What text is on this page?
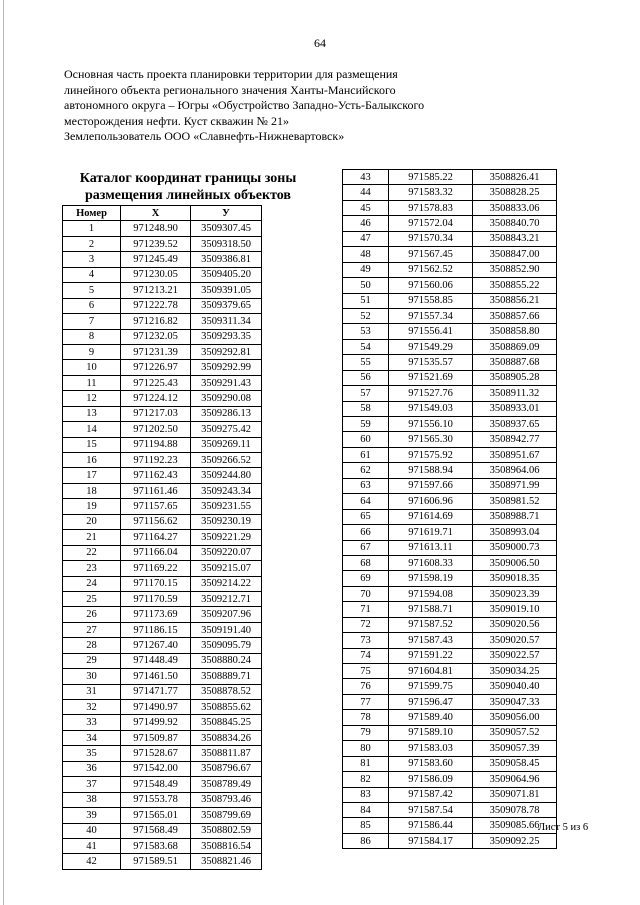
64
Основная часть проекта планировки территории для размещения
линейного объекта регионального значения Ханты-Мансийского
автономного округа – Югры «Обустройство Западно-Усть-Балыкского
месторождения нефти. Куст скважин № 21»
Землепользователь ООО «Славнефть-Нижневартовск»
Каталог координат границы зоны
размещения линейных объектов
Номер	X	У
1	971248.90	3509307.45
2	971239.52	3509318.50
3	971245.49	3509386.81
4	971230.05	3509405.20
5	971213.21	3509391.05
6	971222.78	3509379.65
7	971216.82	3509311.34
8	971232.05	3509293.35
9	971231.39	3509292.81
10	971226.97	3509292.99
11	971225.43	3509291.43
12	971224.12	3509290.08
13	971217.03	3509286.13
14	971202.50	3509275.42
15	971194.88	3509269.11
16	971192.23	3509266.52
17	971162.43	3509244.80
18	971161.46	3509243.34
19	971157.65	3509231.55
20	971156.62	3509230.19
21	971164.27	3509221.29
22	971166.04	3509220.07
23	971169.22	3509215.07
24	971170.15	3509214.22
25	971170.59	3509212.71
26	971173.69	3509207.96
27	971186.15	3509191.40
28	971267.40	3509095.79
29	971448.49	3508880.24
30	971461.50	3508889.71
31	971471.77	3508878.52
32	971490.97	3508855.62
33	971499.92	3508845.25
34	971509.87	3508834.26
35	971528.67	3508811.87
36	971542.00	3508796.67
37	971548.49	3508789.49
38	971553.78	3508793.46
39	971565.01	3508799.69
40	971568.49	3508802.59
41	971583.68	3508816.54
42	971589.51	3508821.46
43	971585.22	3508826.41
44	971583.32	3508828.25
45	971578.83	3508833.06
46	971572.04	3508840.70
47	971570.34	3508843.21
48	971567.45	3508847.00
49	971562.52	3508852.90
50	971560.06	3508855.22
51	971558.85	3508856.21
52	971557.34	3508857.66
53	971556.41	3508858.80
54	971549.29	3508869.09
55	971535.57	3508887.68
56	971521.69	3508905.28
57	971527.76	3508911.32
58	971549.03	3508933.01
59	971556.10	3508937.65
60	971565.30	3508942.77
61	971575.92	3508951.67
62	971588.94	3508964.06
63	971597.66	3508971.99
64	971606.96	3508981.52
65	971614.69	3508988.71
66	971619.71	3508993.04
67	971613.11	3509000.73
68	971608.33	3509006.50
69	971598.19	3509018.35
70	971594.08	3509023.39
71	971588.71	3509019.10
72	971587.52	3509020.56
73	971587.43	3509020.57
74	971591.22	3509022.57
75	971604.81	3509034.25
76	971599.75	3509040.40
77	971596.47	3509047.33
78	971589.40	3509056.00
79	971589.10	3509057.52
80	971583.03	3509057.39
81	971583.60	3509058.45
82	971586.09	3509064.96
83	971587.42	3509071.81
84	971587.54	3509078.78
85	971586.44	3509085.66
86	971584.17	3509092.25
Лист 5 из 6
